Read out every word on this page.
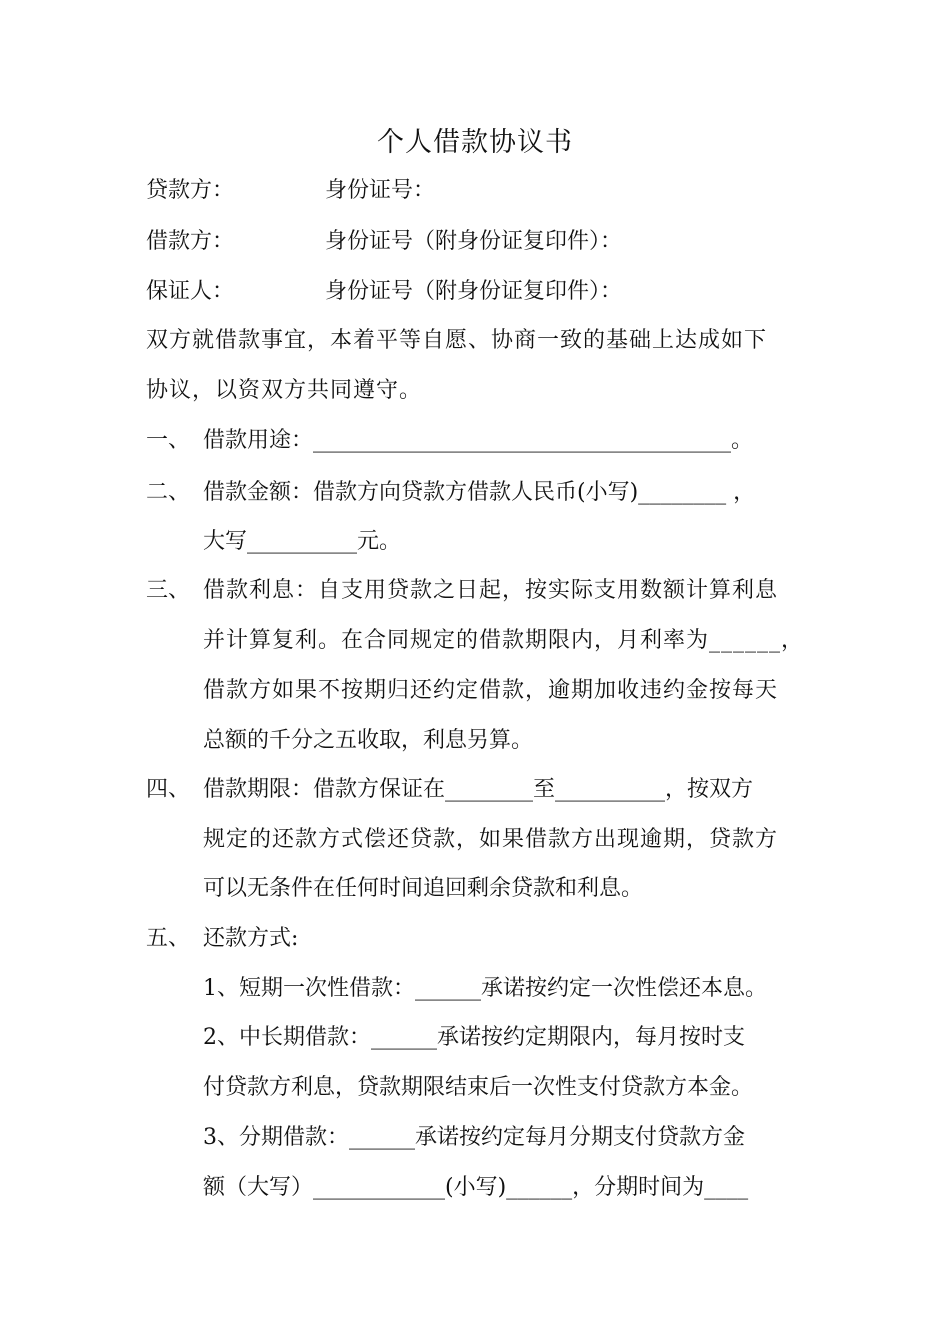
个人借款协议书
贷款方：	身份证号：
借款方：	身份证号（附身份证复印件）：
保证人：	身份证号（附身份证复印件）：
双方就借款事宜，本着平等自愿、协商一致的基础上达成如下
协议，以资双方共同遵守。
一、 借款用途：______________________________________。
二、 借款金额：借款方向贷款方借款人民币(小写)________ ，
大写__________元。
三、 借款利息：自支用贷款之日起，按实际支用数额计算利息
并计算复利。在合同规定的借款期限内，月利率为______，
借款方如果不按期归还约定借款，逾期加收违约金按每天
总额的千分之五收取，利息另算。
四、 借款期限：借款方保证在________至__________，按双方
规定的还款方式偿还贷款，如果借款方出现逾期，贷款方
可以无条件在任何时间追回剩余贷款和利息。
五、 还款方式:
1、短期一次性借款：______承诺按约定一次性偿还本息。
2、中长期借款：______承诺按约定期限内，每月按时支
付贷款方利息，贷款期限结束后一次性支付贷款方本金。
3、分期借款：______承诺按约定每月分期支付贷款方金
额（大写）____________(小写)______，分期时间为____
